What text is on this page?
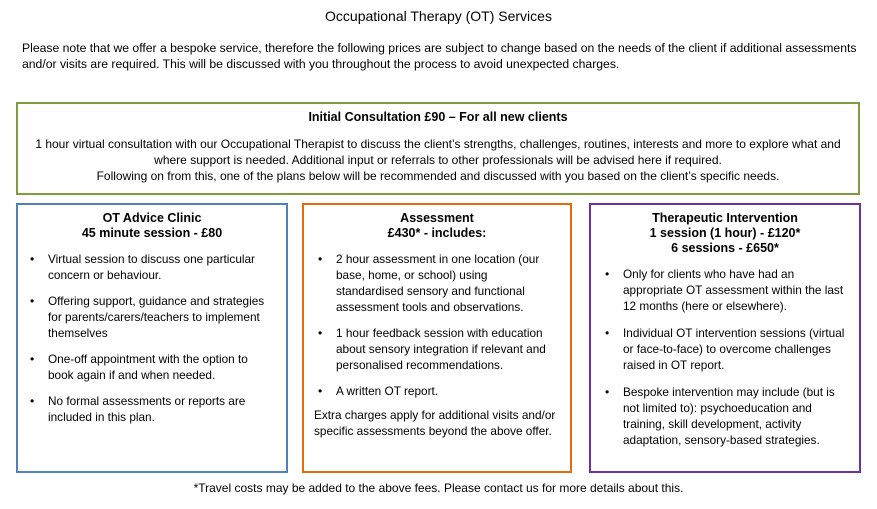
Occupational Therapy (OT) Services
Please note that we offer a bespoke service, therefore the following prices are subject to change based on the needs of the client if additional assessments and/or visits are required. This will be discussed with you throughout the process to avoid unexpected charges.
Initial Consultation £90 – For all new clients
1 hour virtual consultation with our Occupational Therapist to discuss the client’s strengths, challenges, routines, interests and more to explore what and
where support is needed. Additional input or referrals to other professionals will be advised here if required.
Following on from this, one of the plans below will be recommended and discussed with you based on the client’s specific needs.
OT Advice Clinic
45 minute session - £80
• Virtual session to discuss one particular concern or behaviour.
• Offering support, guidance and strategies for parents/carers/teachers to implement themselves
• One-off appointment with the option to book again if and when needed.
• No formal assessments or reports are included in this plan.
Assessment
£430* - includes:
• 2 hour assessment in one location (our base, home, or school) using standardised sensory and functional assessment tools and observations.
• 1 hour feedback session with education about sensory integration if relevant and personalised recommendations.
• A written OT report.
Extra charges apply for additional visits and/or specific assessments beyond the above offer.
Therapeutic Intervention
1 session (1 hour) - £120*
6 sessions - £650*
• Only for clients who have had an appropriate OT assessment within the last 12 months (here or elsewhere).
• Individual OT intervention sessions (virtual or face-to-face) to overcome challenges raised in OT report.
• Bespoke intervention may include (but is not limited to): psychoeducation and training, skill development, activity adaptation, sensory-based strategies.
*Travel costs may be added to the above fees. Please contact us for more details about this.
